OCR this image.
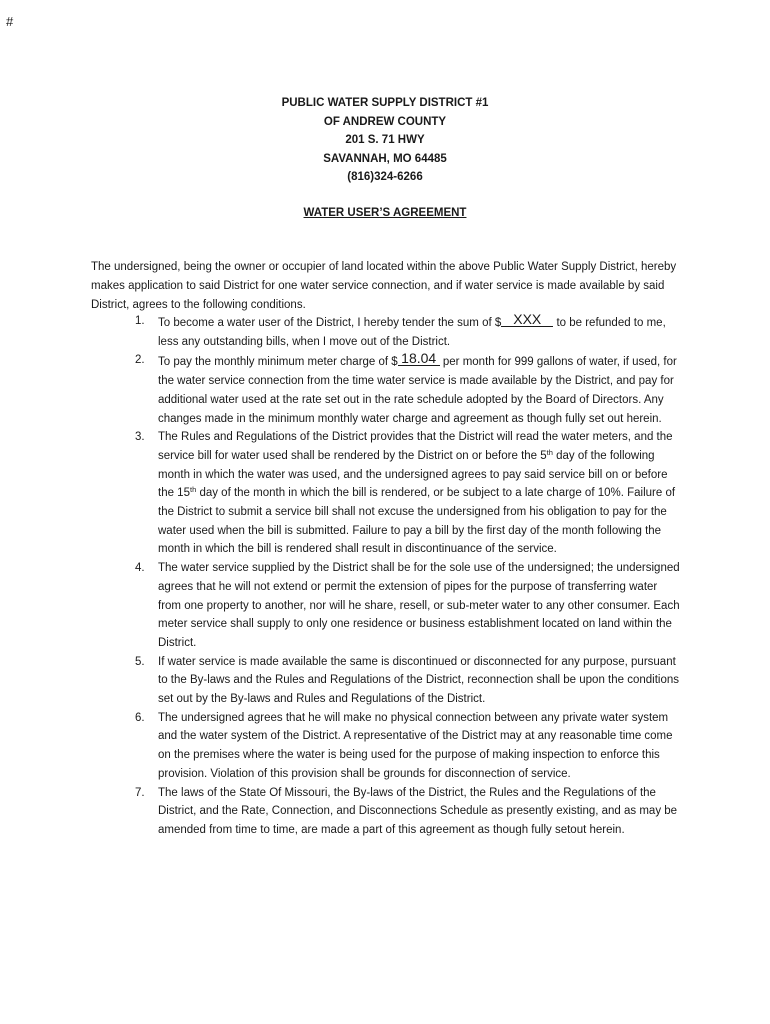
#
PUBLIC WATER SUPPLY DISTRICT #1
OF ANDREW COUNTY
201 S. 71 HWY
SAVANNAH, MO 64485
(816)324-6266
WATER USER’S AGREEMENT

The undersigned, being the owner or occupier of land located within the above Public Water Supply District, hereby makes application to said District for one water service connection, and if water service is made available by said District, agrees to the following conditions.

1. To become a water user of the District, I hereby tender the sum of $ XXX to be refunded to me, less any outstanding bills, when I move out of the District.
2. To pay the monthly minimum meter charge of $ 18.04 per month for 999 gallons of water, if used, for the water service connection from the time water service is made available by the District, and pay for additional water used at the rate set out in the rate schedule adopted by the Board of Directors. Any changes made in the minimum monthly water charge and agreement as though fully set out herein.
3. The Rules and Regulations of the District provides that the District will read the water meters, and the service bill for water used shall be rendered by the District on or before the 5th day of the following month in which the water was used, and the undersigned agrees to pay said service bill on or before the 15th day of the month in which the bill is rendered, or be subject to a late charge of 10%. Failure of the District to submit a service bill shall not excuse the undersigned from his obligation to pay for the water used when the bill is submitted. Failure to pay a bill by the first day of the month following the month in which the bill is rendered shall result in discontinuance of the service.
4. The water service supplied by the District shall be for the sole use of the undersigned; the undersigned agrees that he will not extend or permit the extension of pipes for the purpose of transferring water from one property to another, nor will he share, resell, or sub-meter water to any other consumer. Each meter service shall supply to only one residence or business establishment located on land within the District.
5. If water service is made available the same is discontinued or disconnected for any purpose, pursuant to the By-laws and the Rules and Regulations of the District, reconnection shall be upon the conditions set out by the By-laws and Rules and Regulations of the District.
6. The undersigned agrees that he will make no physical connection between any private water system and the water system of the District. A representative of the District may at any reasonable time come on the premises where the water is being used for the purpose of making inspection to enforce this provision. Violation of this provision shall be grounds for disconnection of service.
7. The laws of the State Of Missouri, the By-laws of the District, the Rules and the Regulations of the District, and the Rate, Connection, and Disconnections Schedule as presently existing, and as may be amended from time to time, are made a part of this agreement as though fully setout herein.
